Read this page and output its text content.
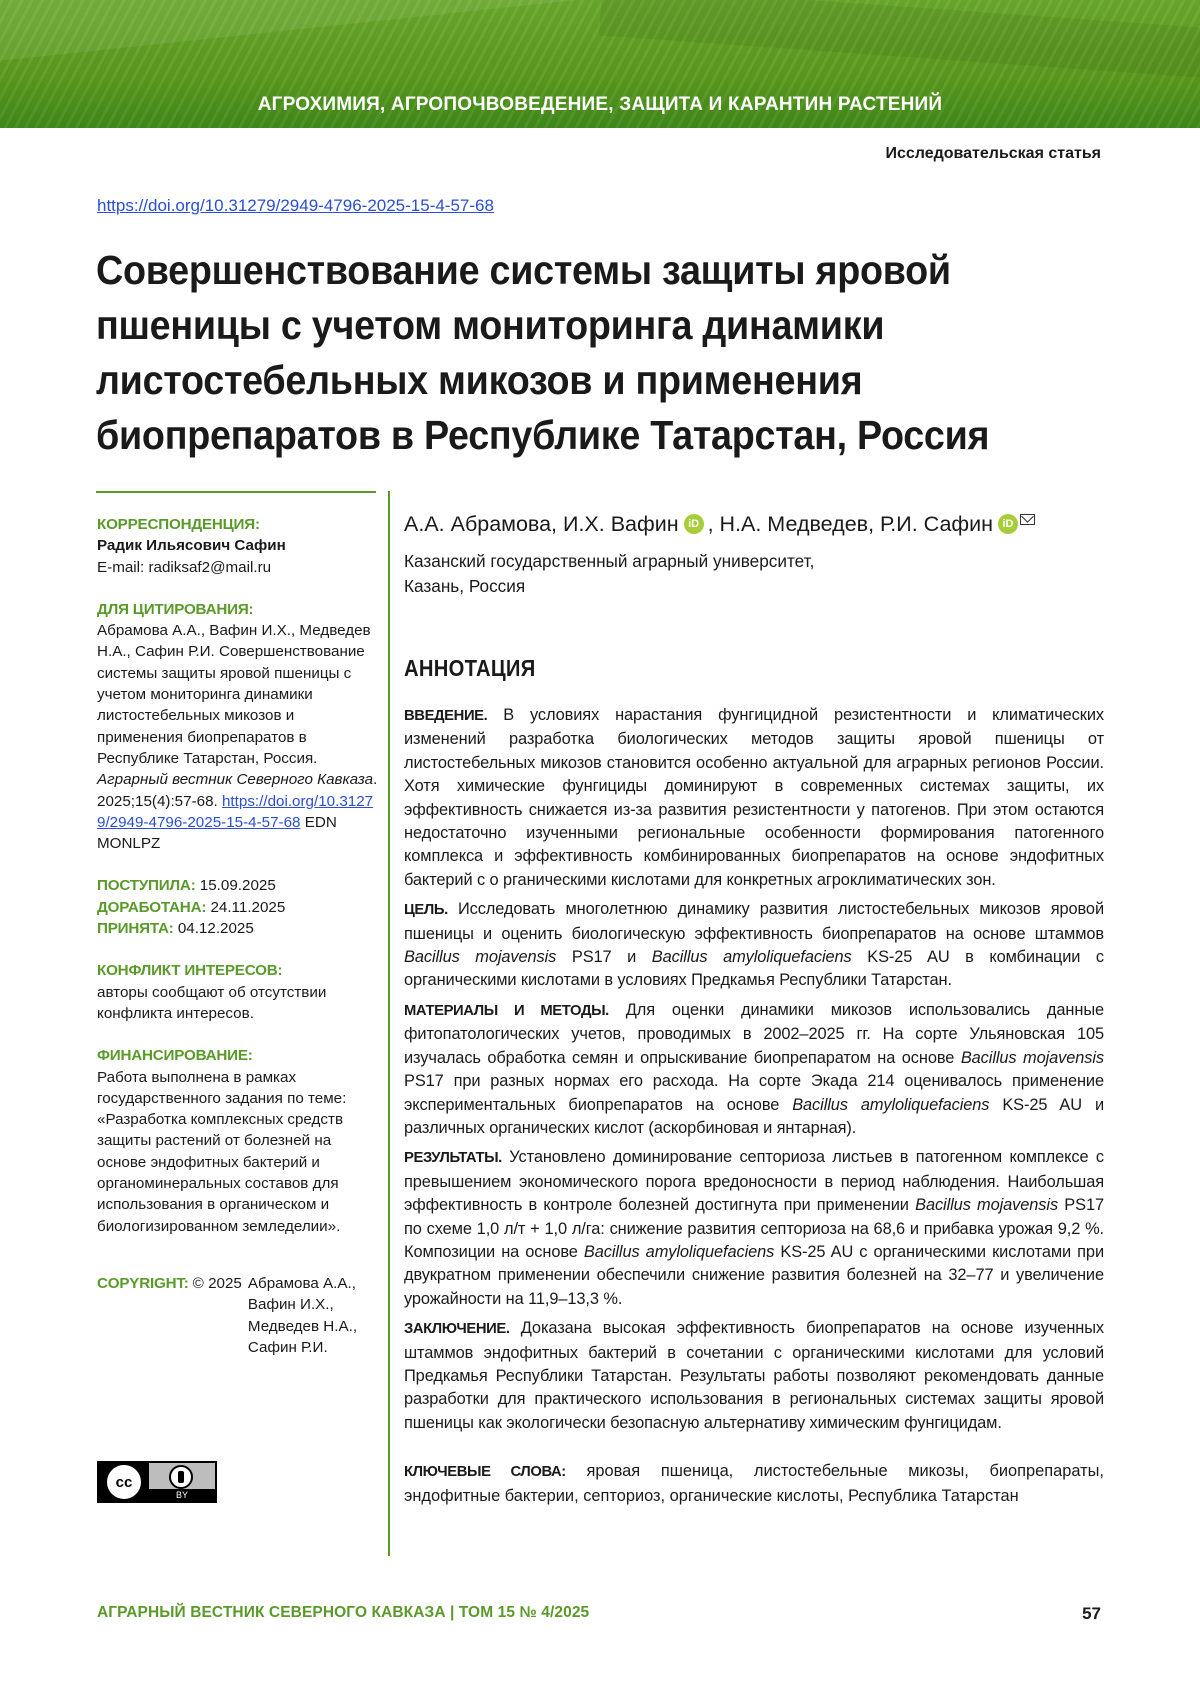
АГРОХИМИЯ, АГРОПОЧВОВЕДЕНИЕ, ЗАЩИТА И КАРАНТИН РАСТЕНИЙ
Исследовательская статья
https://doi.org/10.31279/2949-4796-2025-15-4-57-68
Совершенствование системы защиты яровой пшеницы с учетом мониторинга динамики листостебельных микозов и применения биопрепаратов в Республике Татарстан, Россия
КОРРЕСПОНДЕНЦИЯ:
Радик Ильясович Сафин
E-mail: radiksaf2@mail.ru
ДЛЯ ЦИТИРОВАНИЯ:
Абрамова А.А., Вафин И.Х., Медведев Н.А., Сафин Р.И. Совершенствование системы защиты яровой пшеницы с учетом мониторинга динамики листостебельных микозов и применения биопрепаратов в Республике Татарстан, Россия. Аграрный вестник Северного Кавказа. 2025;15(4):57-68. https://doi.org/10.31279/2949-4796-2025-15-4-57-68 EDN MONLPZ
ПОСТУПИЛА: 15.09.2025
ДОРАБОТАНА: 24.11.2025
ПРИНЯТА: 04.12.2025
КОНФЛИКТ ИНТЕРЕСОВ:
авторы сообщают об отсутствии конфликта интересов.
ФИНАНСИРОВАНИЕ:
Работа выполнена в рамках государственного задания по теме: «Разработка комплексных средств защиты растений от болезней на основе эндофитных бактерий и органоминеральных составов для использования в органическом и биологизированном земледелии».
COPYRIGHT: © 2025 Абрамова А.А.,
Вафин И.Х.,
Медведев Н.А.,
Сафин Р.И.
cc
BY
А.А. Абрамова, И.Х. Вафин iD , Н.А. Медведев, Р.И. Сафин iD
Казанский государственный аграрный университет,
Казань, Россия
АННОТАЦИЯ

ВВЕДЕНИЕ. В условиях нарастания фунгицидной резистентности и климатических изменений разработка биологических методов защиты яровой пшеницы от листостебельных микозов становится особенно актуальной для аграрных регионов России. Хотя химические фунгициды доминируют в современных системах защиты, их эффективность снижается из-за развития резистентности у патогенов. При этом остаются недостаточно изученными региональные особенности формирования патогенного комплекса и эффективность комбинированных биопрепаратов на основе эндофитных бактерий с о рганическими кислотами для конкретных агроклиматических зон.

ЦЕЛЬ. Исследовать многолетнюю динамику развития листостебельных микозов яровой пшеницы и оценить биологическую эффективность биопрепаратов на основе штаммов Bacillus mojavensis PS17 и Bacillus amyloliquefaciens KS-25 AU в комбинации с органическими кислотами в условиях Предкамья Республики Татарстан.

МАТЕРИАЛЫ И МЕТОДЫ. Для оценки динамики микозов использовались данные фитопатологических учетов, проводимых в 2002–2025 гг. На сорте Ульяновская 105 изучалась обработка семян и опрыскивание биопрепаратом на основе Bacillus mojavensis PS17 при разных нормах его расхода. На сорте Экада 214 оценивалось применение экспериментальных биопрепаратов на основе Bacillus amyloliquefaciens KS-25 AU и различных органических кислот (аскорбиновая и янтарная).

РЕЗУЛЬТАТЫ. Установлено доминирование септориоза листьев в патогенном комплексе с превышением экономического порога вредоносности в период наблюдения. Наибольшая эффективность в контроле болезней достигнута при применении Bacillus mojavensis PS17 по схеме 1,0 л/т + 1,0 л/га: снижение развития септориоза на 68,6 и прибавка урожая 9,2 %. Композиции на основе Bacillus amyloliquefaciens KS-25 AU с органическими кислотами при двукратном применении обеспечили снижение развития болезней на 32–77 и увеличение урожайности на 11,9–13,3 %.

ЗАКЛЮЧЕНИЕ. Доказана высокая эффективность биопрепаратов на основе изученных штаммов эндофитных бактерий в сочетании с органическими кислотами для условий Предкамья Республики Татарстан. Результаты работы позволяют рекомендовать данные разработки для практического использования в региональных системах защиты яровой пшеницы как экологически безопасную альтернативу химическим фунгицидам.

КЛЮЧЕВЫЕ СЛОВА: яровая пшеница, листостебельные микозы, биопрепараты, эндофитные бактерии, септориоз, органические кислоты, Республика Татарстан
АГРАРНЫЙ ВЕСТНИК СЕВЕРНОГО КАВКАЗА | ТОМ 15 № 4/2025	57
